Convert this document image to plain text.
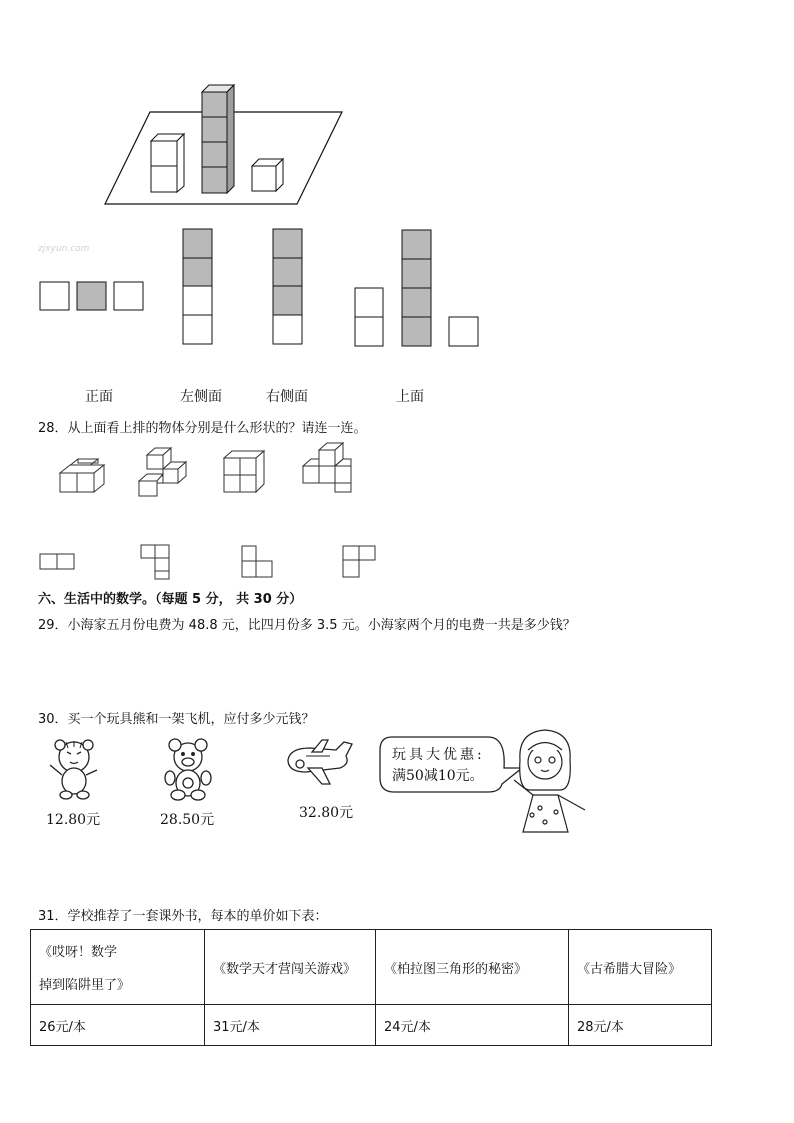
zjxyun.com
正面	左侧面	右侧面	上面
28．从上面看上排的物体分别是什么形状的？请连一连。
六、生活中的数学。（每题 5 分， 共 30 分）
29．小海家五月份电费为 48.8 元，比四月份多 3.5 元。小海家两个月的电费一共是多少钱？
30．买一个玩具熊和一架飞机，应付多少元钱？
12.80元	28.50元	32.80元
玩具大优惠:
满50减10元。
31．学校推荐了一套课外书，每本的单价如下表：
《哎呀！数学
掉到陷阱里了》	《数学天才营闯关游戏》	《柏拉图三角形的秘密》	《古希腊大冒险》
26元/本	31元/本	24元/本	28元/本
